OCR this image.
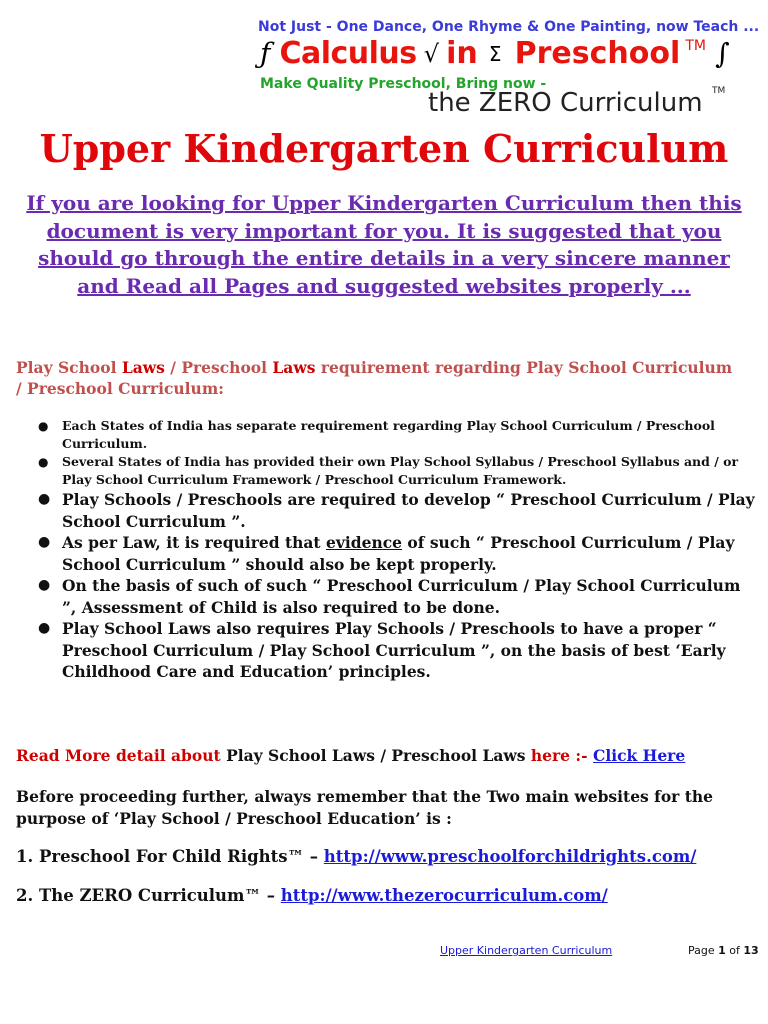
Not Just - One Dance, One Rhyme & One Painting, now Teach ...
ƒ Calculus √ in Σ Preschool TM ∫
Make Quality Preschool, Bring now -
the ZERO Curriculum TM
Upper Kindergarten Curriculum
If you are looking for Upper Kindergarten Curriculum then this document is very important for you. It is suggested that you should go through the entire details in a very sincere manner and Read all Pages and suggested websites properly ...
Play School Laws / Preschool Laws requirement regarding Play School Curriculum / Preschool Curriculum:
● Each States of India has separate requirement regarding Play School Curriculum / Preschool Curriculum.
● Several States of India has provided their own Play School Syllabus / Preschool Syllabus and / or Play School Curriculum Framework / Preschool Curriculum Framework.
● Play Schools / Preschools are required to develop “ Preschool Curriculum / Play School Curriculum ”.
● As per Law, it is required that evidence of such “ Preschool Curriculum / Play School Curriculum ” should also be kept properly.
● On the basis of such of such “ Preschool Curriculum / Play School Curriculum ”, Assessment of Child is also required to be done.
● Play School Laws also requires Play Schools / Preschools to have a proper “ Preschool Curriculum / Play School Curriculum ”, on the basis of best ‘Early Childhood Care and Education’ principles.
Read More detail about Play School Laws / Preschool Laws here :- Click Here
Before proceeding further, always remember that the Two main websites for the purpose of ‘Play School / Preschool Education’ is :
1. Preschool For Child Rights™ – http://www.preschoolforchildrights.com/
2. The ZERO Curriculum™ – http://www.thezerocurriculum.com/
Upper Kindergarten Curriculum	Page 1 of 13
